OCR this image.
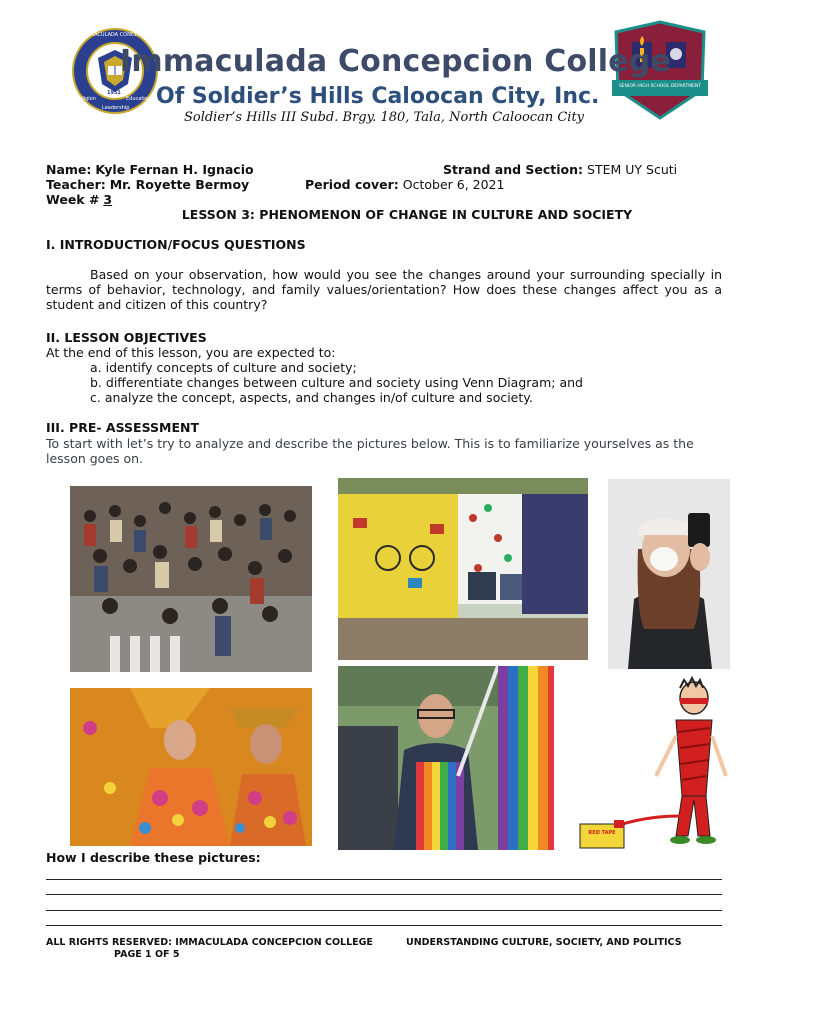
IMMACULADA CONCEPCION COLLEGE
1951
Religion
Leadership
Education
SENIOR HIGH SCHOOL DEPARTMENT
Immaculada Concepcion College
Of Soldier’s Hills Caloocan City, Inc.
Soldier’s Hills III Subd. Brgy. 180, Tala, North Caloocan City
Name: Kyle Fernan H. Ignacio	Strand and Section: STEM UY Scuti
Teacher: Mr. Royette Bermoy	Period cover: October 6, 2021
Week # 3
LESSON 3: PHENOMENON OF CHANGE IN CULTURE AND SOCIETY
I. INTRODUCTION/FOCUS QUESTIONS
Based on your observation, how would you see the changes around your surrounding specially in terms of behavior, technology, and family values/orientation? How does these changes affect you as a student and citizen of this country?
II. LESSON OBJECTIVES
At the end of this lesson, you are expected to:
a. identify concepts of culture and society;
b. differentiate changes between culture and society using Venn Diagram; and
c. analyze the concept, aspects, and changes in/of culture and society.
III. PRE- ASSESSMENT
To start with let’s try to analyze and describe the pictures below. This is to familiarize yourselves as the lesson goes on.
RED TAPE
How I describe these pictures:
ALL RIGHTS RESERVED: IMMACULADA CONCEPCION COLLEGE	UNDERSTANDING CULTURE, SOCIETY, AND POLITICS
PAGE 1 OF 5
